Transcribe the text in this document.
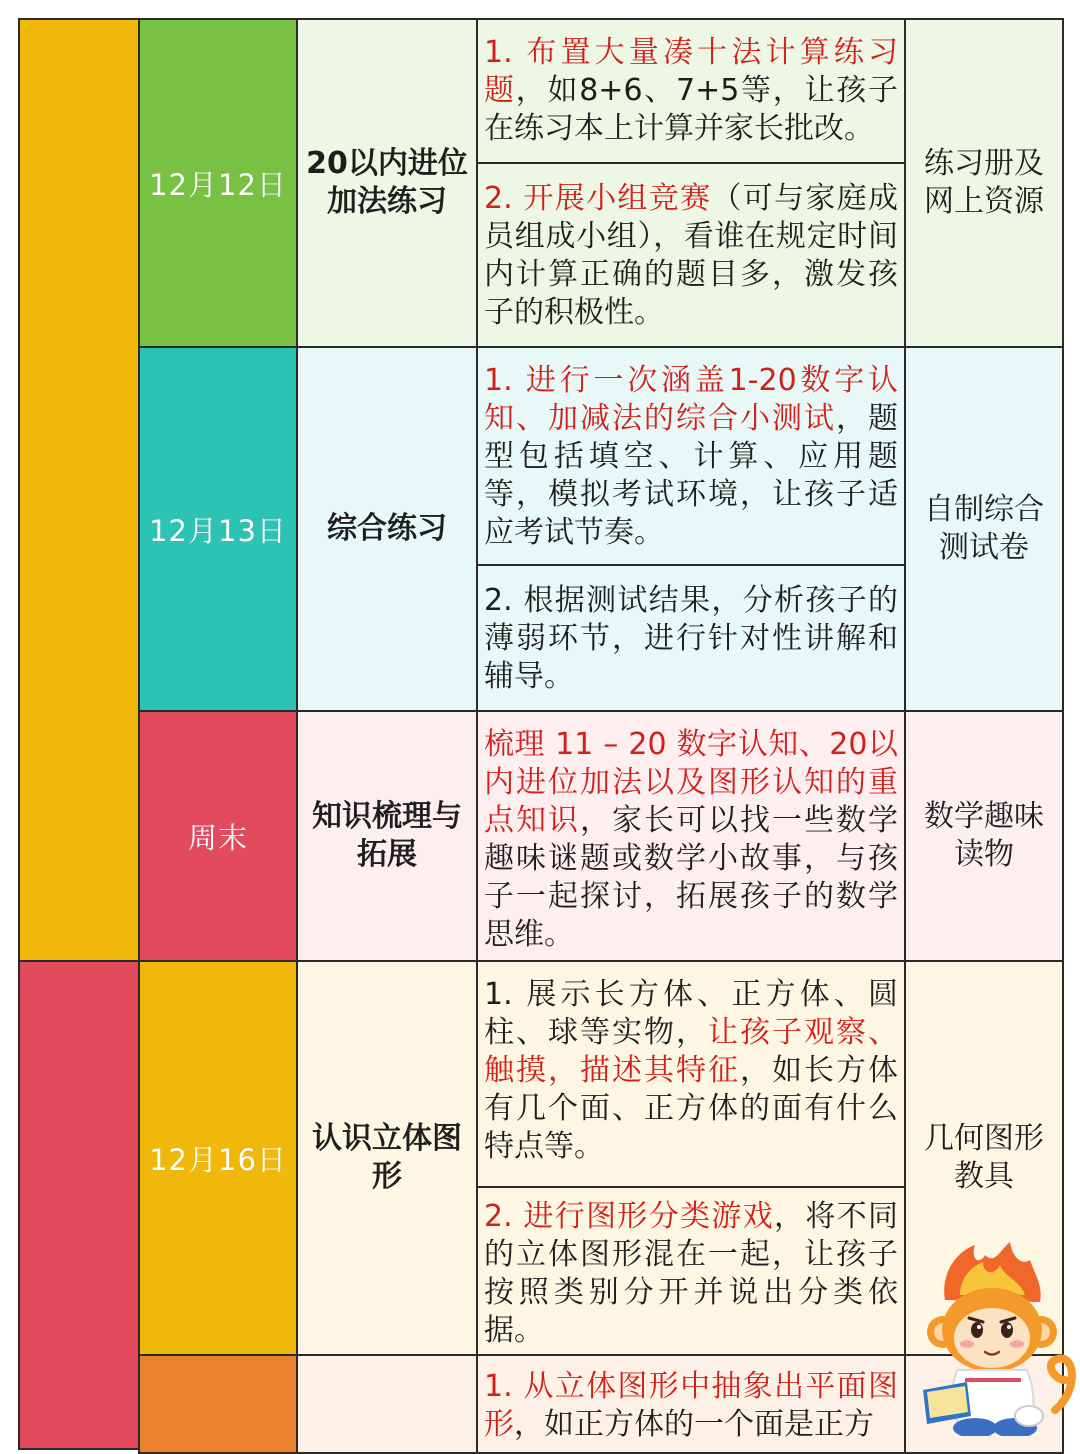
12月12日
20以内进位加法练习
1. 布置大量凑十法计算练习题，如8+6、7+5等，让孩子在练习本上计算并家长批改。
2. 开展小组竞赛（可与家庭成员组成小组），看谁在规定时间内计算正确的题目多，激发孩子的积极性。
练习册及网上资源
12月13日 综合练习
1. 进行一次涵盖1-20数字认知、加减法的综合小测试，题型包括填空、计算、应用题等，模拟考试环境，让孩子适应考试节奏。
2. 根据测试结果，分析孩子的薄弱环节，进行针对性讲解和辅导。
自制综合测试卷
周末
知识梳理与拓展
梳理 11 – 20 数字认知、20以内进位加法以及图形认知的重点知识，家长可以找一些数学趣味谜题或数学小故事，与孩子一起探讨，拓展孩子的数学思维。
数学趣味读物
12月16日
认识立体图形
1. 展示长方体、正方体、圆柱、球等实物，让孩子观察、触摸，描述其特征，如长方体有几个面、正方体的面有什么特点等。
2. 进行图形分类游戏，将不同的立体图形混在一起，让孩子按照类别分开并说出分类依据。
几何图形教具
1. 从立体图形中抽象出平面图形，如正方体的一个面是正方
